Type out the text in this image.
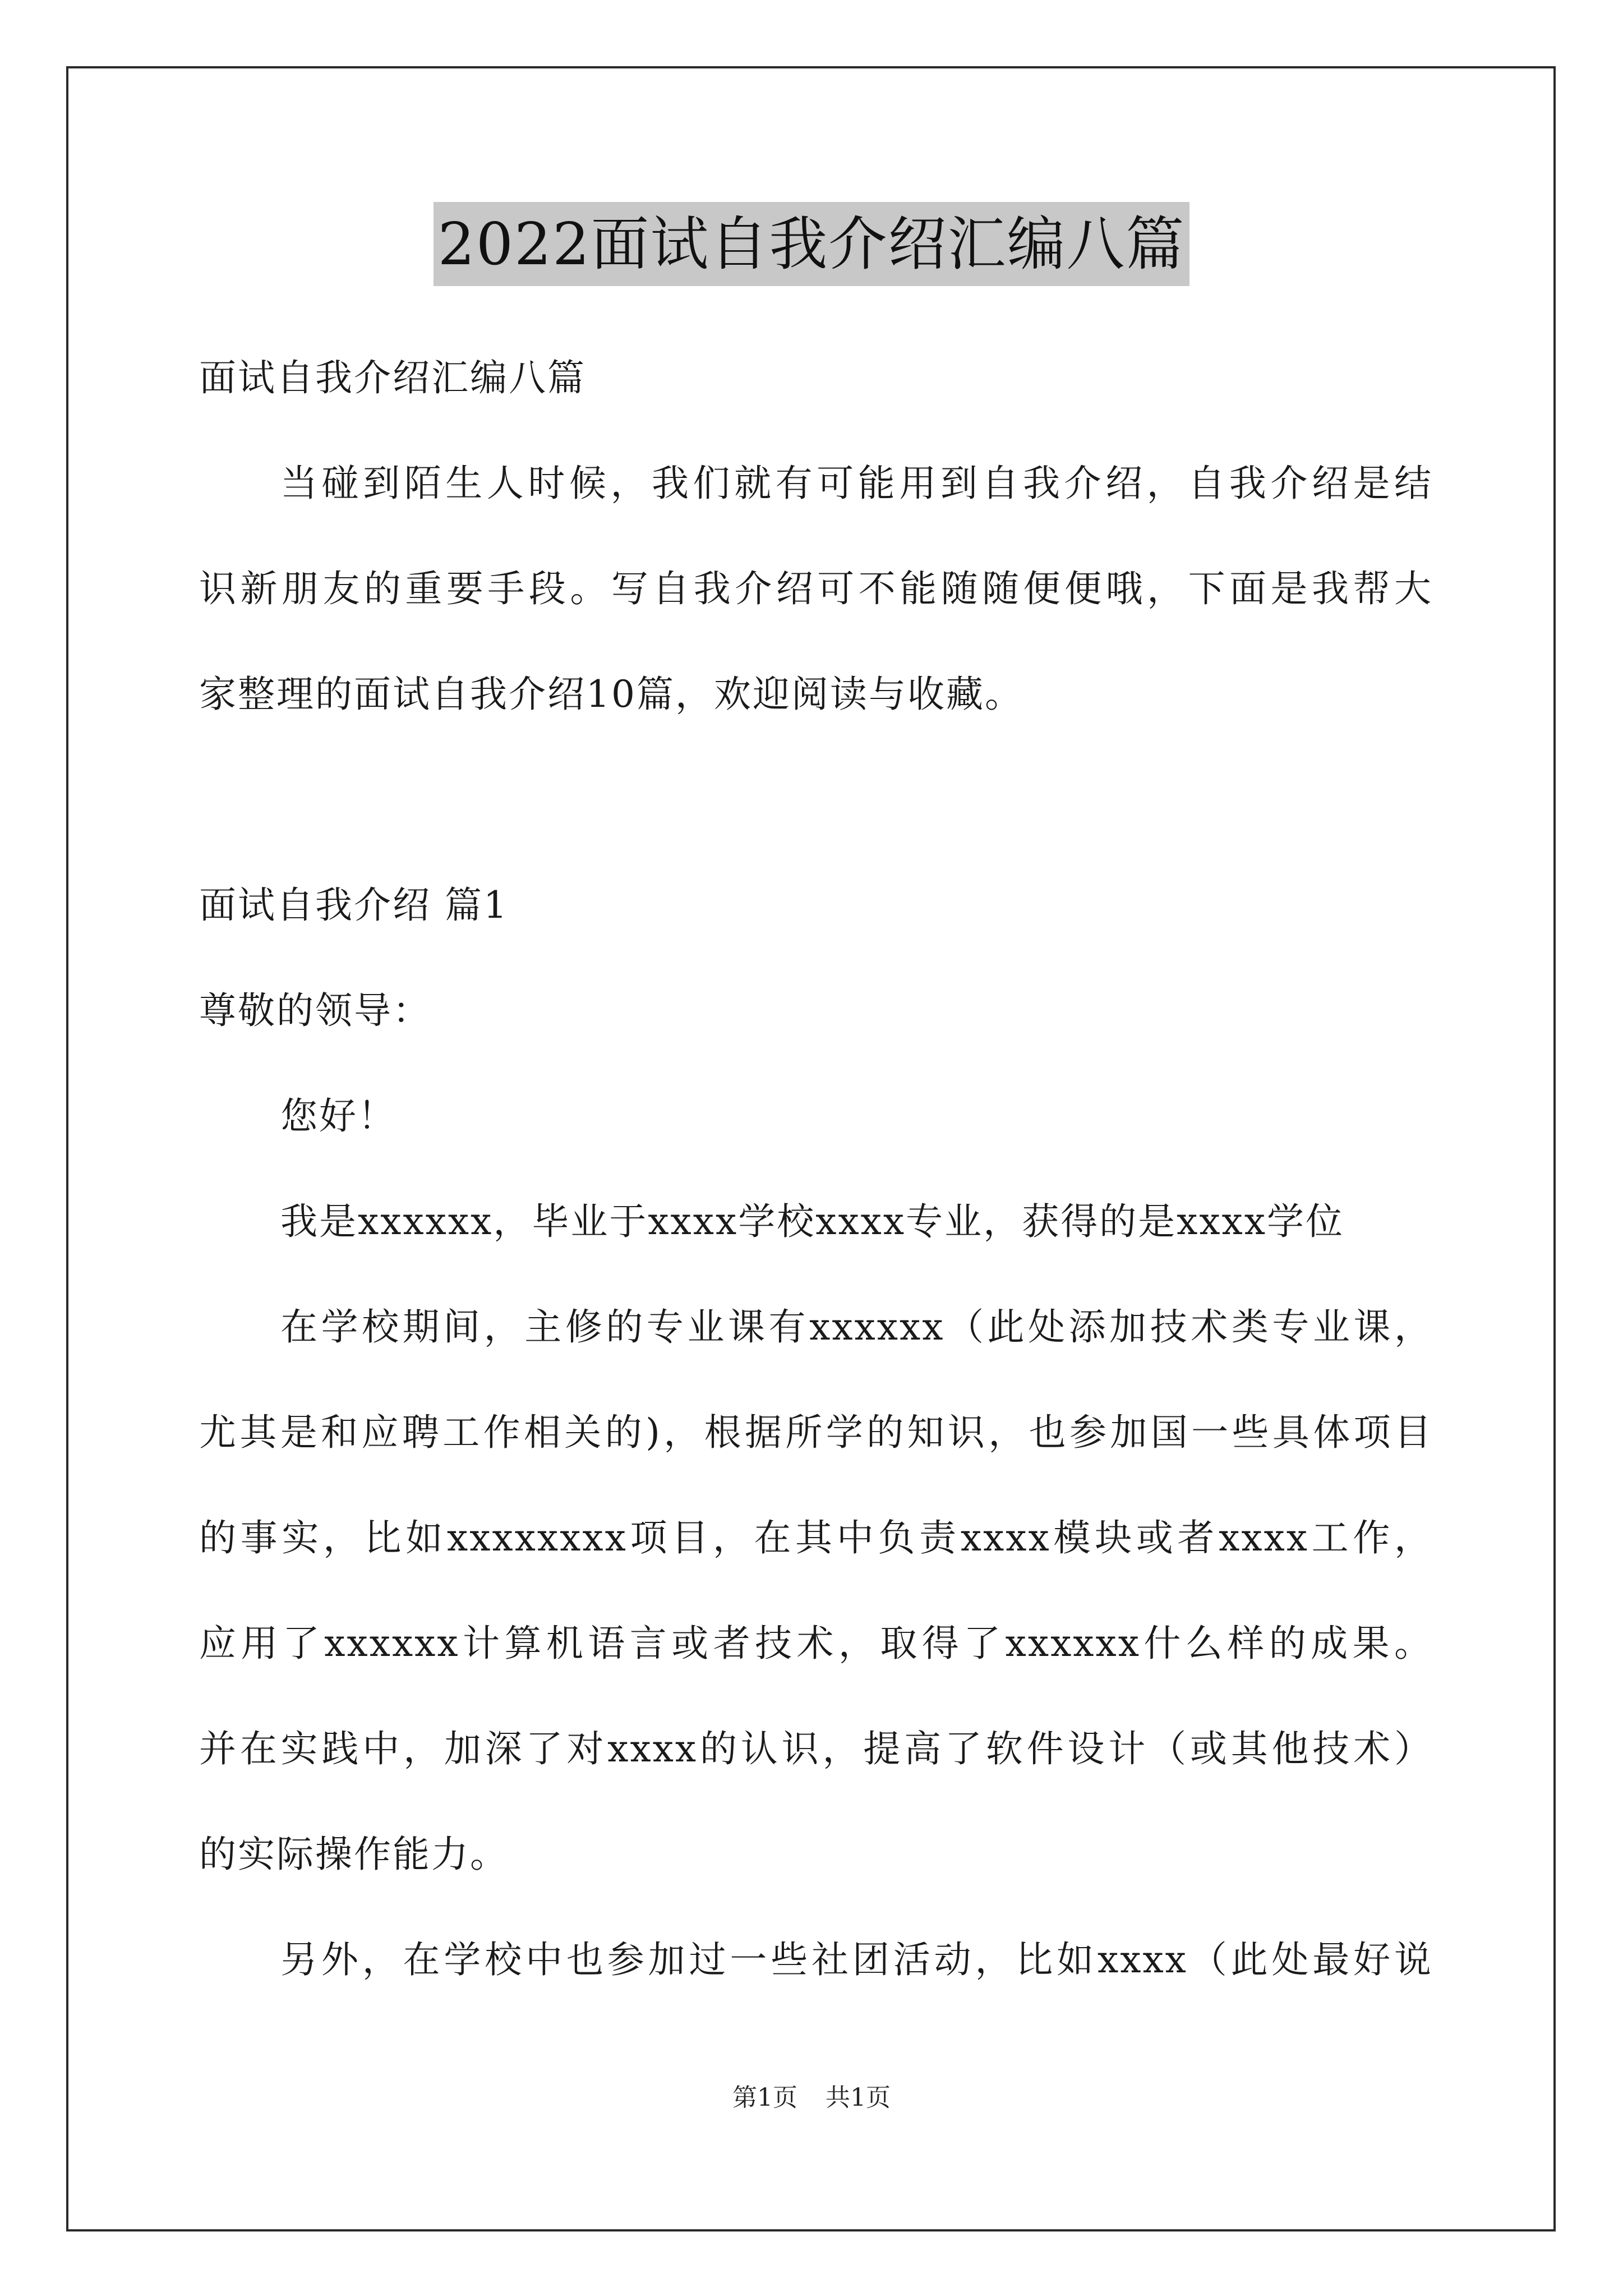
2022面试自我介绍汇编八篇
面试自我介绍汇编八篇
当碰到陌生人时候，我们就有可能用到自我介绍，自我介绍是结
识新朋友的重要手段。写自我介绍可不能随随便便哦，下面是我帮大
家整理的面试自我介绍10篇，欢迎阅读与收藏。
面试自我介绍 篇1
尊敬的领导：
您好！
我是xxxxxx，毕业于xxxx学校xxxx专业，获得的是xxxx学位
在学校期间，主修的专业课有xxxxxx（此处添加技术类专业课，
尤其是和应聘工作相关的)，根据所学的知识，也参加国一些具体项目
的事实，比如xxxxxxxx项目，在其中负责xxxx模块或者xxxx工作，
应用了xxxxxx计算机语言或者技术，取得了xxxxxx什么样的成果。
并在实践中，加深了对xxxx的认识，提高了软件设计（或其他技术）
的实际操作能力。
另外，在学校中也参加过一些社团活动，比如xxxx（此处最好说
第1页 共1页
